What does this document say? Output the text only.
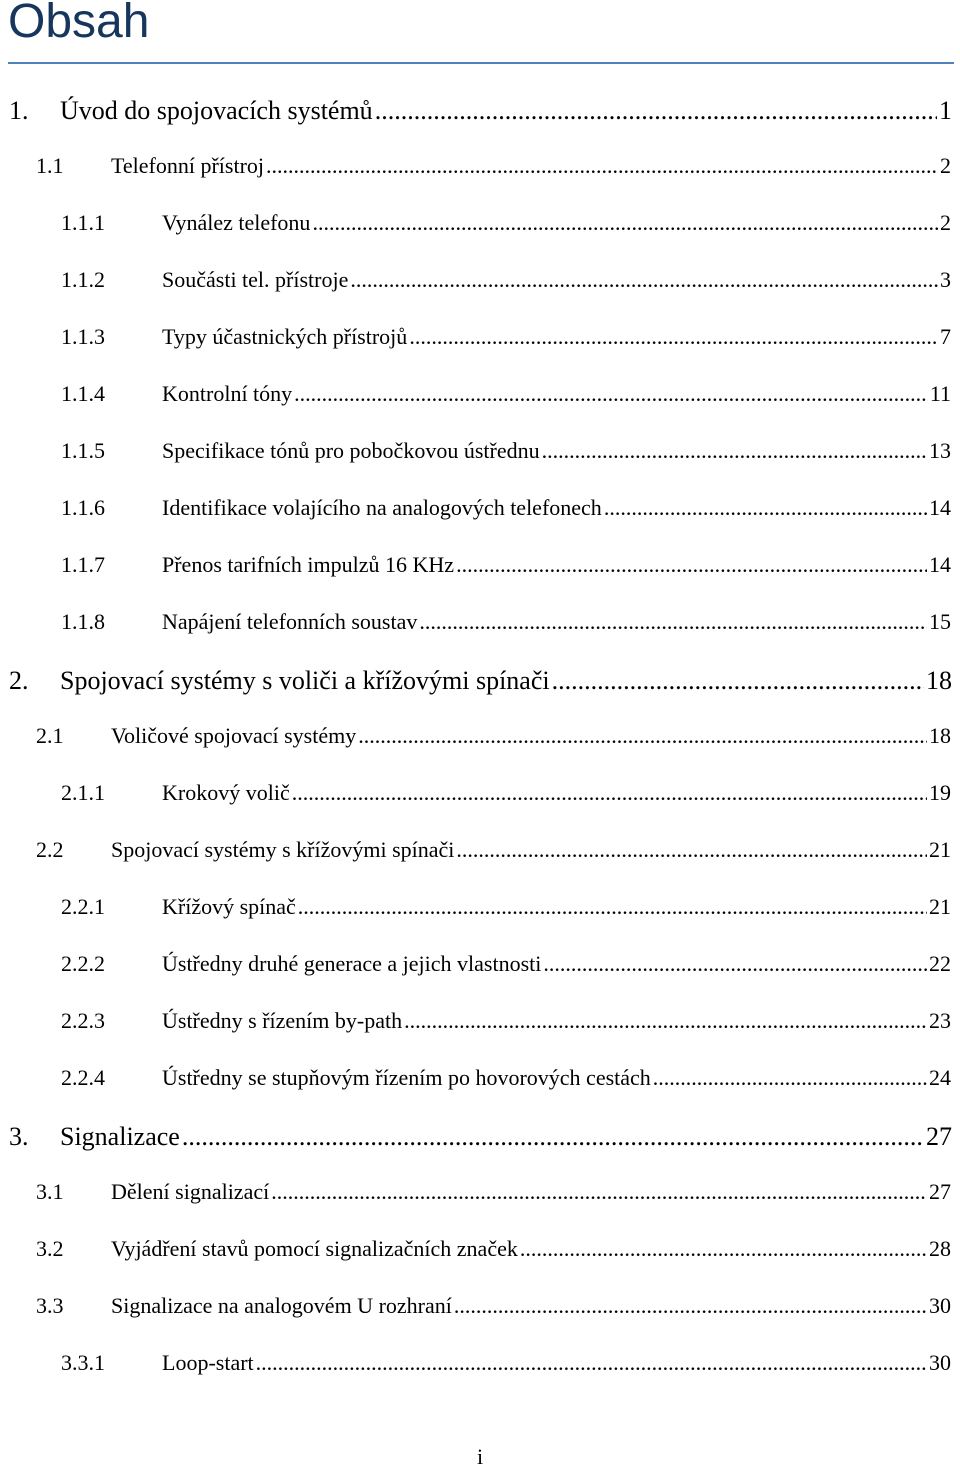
Obsah
1.	Úvod do spojovacích systémů .....	1
1.1	Telefonní přístroj .....	2
1.1.1	Vynález telefonu .....	2
1.1.2	Součásti tel. přístroje .....	3
1.1.3	Typy účastnických přístrojů .....	7
1.1.4	Kontrolní tóny .....	11
1.1.5	Specifikace tónů pro pobočkovou ústřednu .....	13
1.1.6	Identifikace volajícího na analogových telefonech .....	14
1.1.7	Přenos tarifních impulzů 16 KHz .....	14
1.1.8	Napájení telefonních soustav .....	15
2.	Spojovací systémy s voliči a křížovými spínači .....	18
2.1	Voličové spojovací systémy .....	18
2.1.1	Krokový volič .....	19
2.2	Spojovací systémy s křížovými spínači .....	21
2.2.1	Křížový spínač .....	21
2.2.2	Ústředny druhé generace a jejich vlastnosti .....	22
2.2.3	Ústředny s řízením by-path .....	23
2.2.4	Ústředny se stupňovým řízením po hovorových cestách .....	24
3.	Signalizace .....	27
3.1	Dělení signalizací .....	27
3.2	Vyjádření stavů pomocí signalizačních značek .....	28
3.3	Signalizace na analogovém U rozhraní .....	30
3.3.1	Loop-start .....	30
i
